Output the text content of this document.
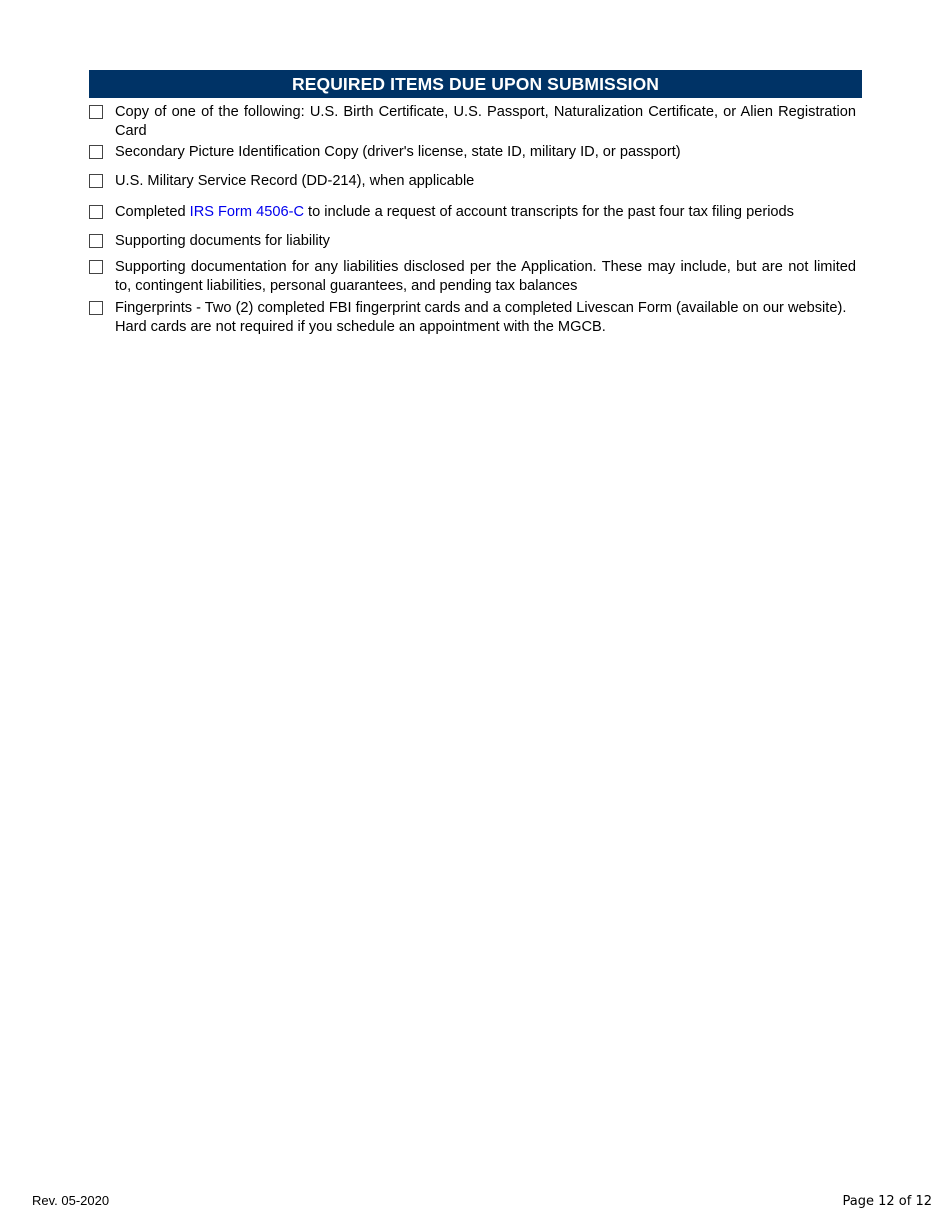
REQUIRED ITEMS DUE UPON SUBMISSION
Copy of one of the following: U.S. Birth Certificate, U.S. Passport, Naturalization Certificate, or Alien Registration Card
Secondary Picture Identification Copy (driver's license, state ID, military ID, or passport)
U.S. Military Service Record (DD-214), when applicable
Completed IRS Form 4506-C to include a request of account transcripts for the past four tax filing periods
Supporting documents for liability
Supporting documentation for any liabilities disclosed per the Application. These may include, but are not limited to, contingent liabilities, personal guarantees, and pending tax balances
Fingerprints - Two (2) completed FBI fingerprint cards and a completed Livescan Form (available on our website). Hard cards are not required if you schedule an appointment with the MGCB.
Rev. 05-2020	Page 12 of 12
